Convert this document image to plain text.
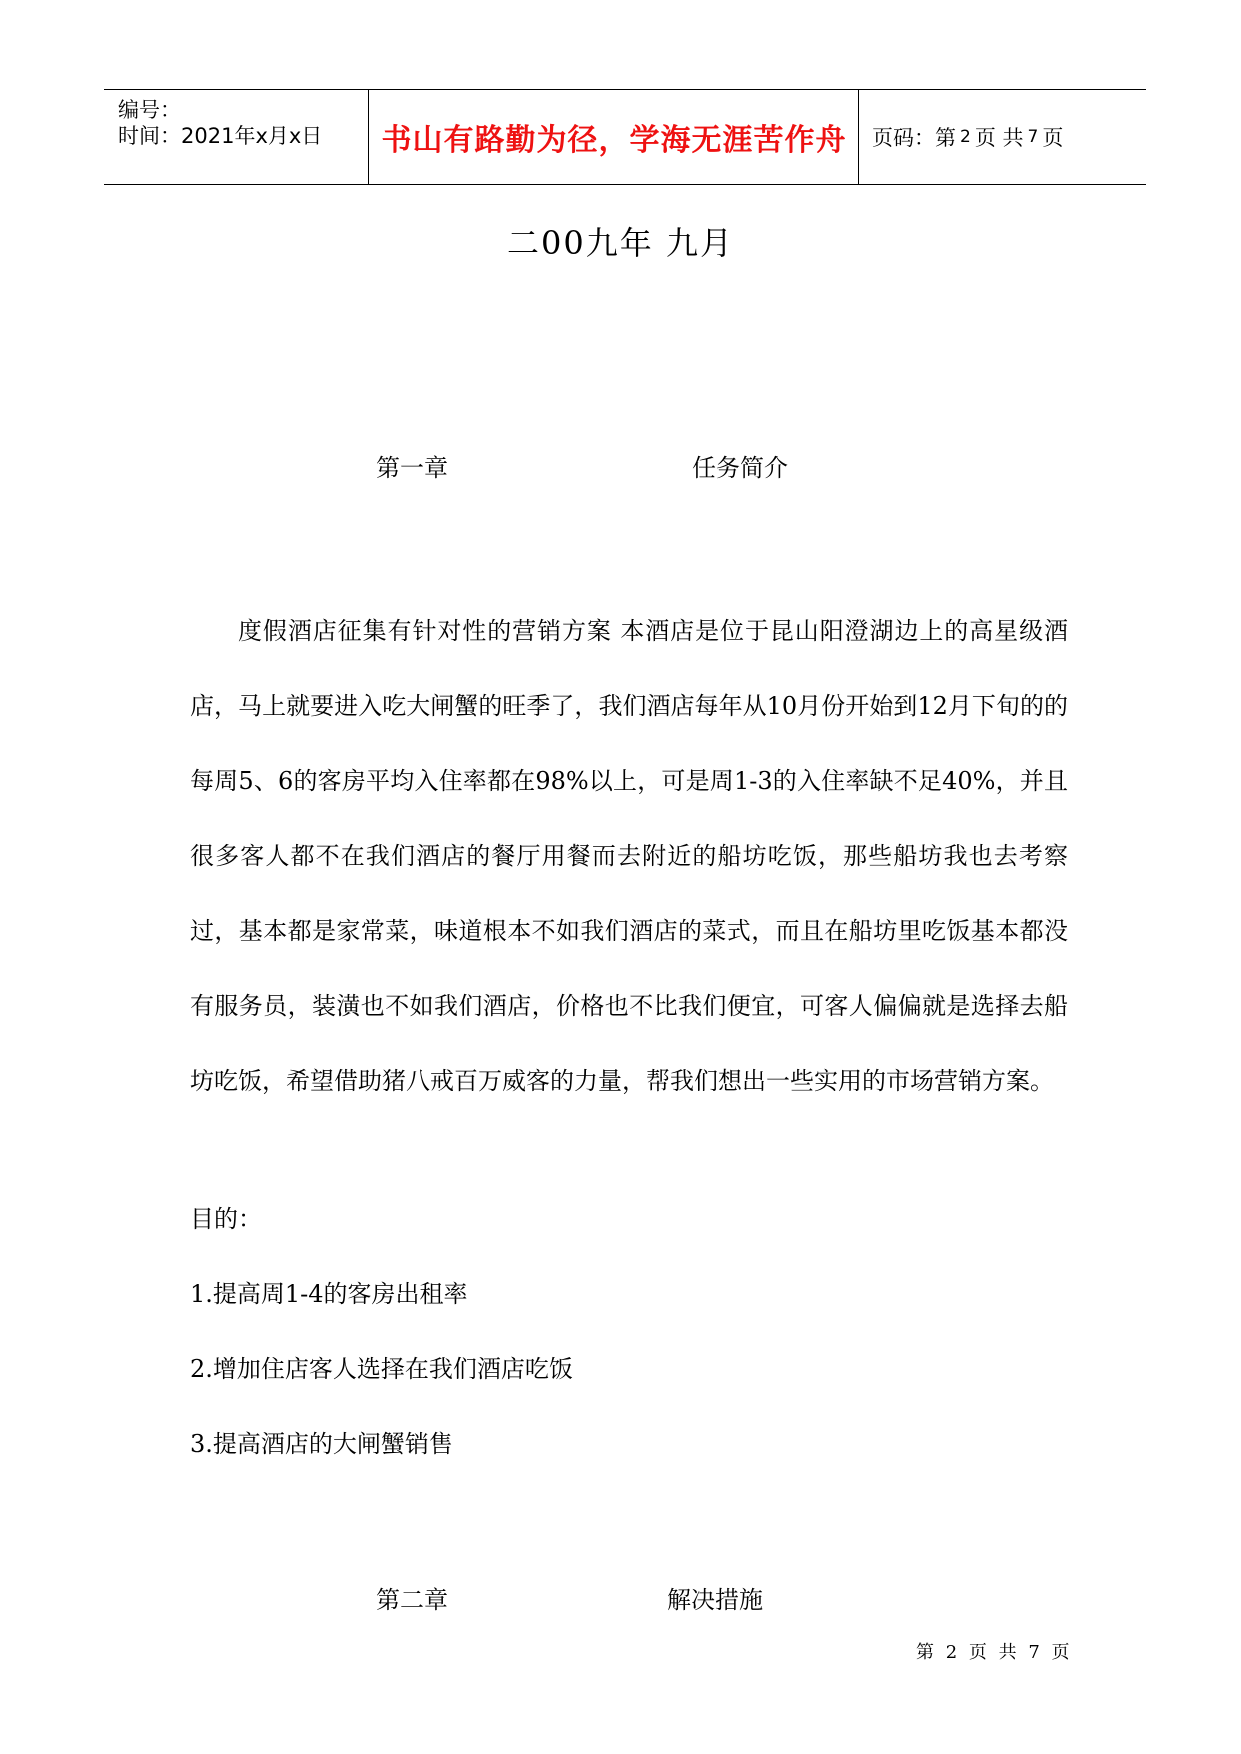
编号：
时间：2021年x月x日	书山有路勤为径，学海无涯苦作舟	页码：第 2 页 共 7 页
二00九年 九月
第一章	任务简介
度假酒店征集有针对性的营销方案 本酒店是位于昆山阳澄湖边上的高星级酒店，马上就要进入吃大闸蟹的旺季了，我们酒店每年从10月份开始到12月下旬的的每周5、6的客房平均入住率都在98%以上，可是周1-3的入住率缺不足40%，并且很多客人都不在我们酒店的餐厅用餐而去附近的船坊吃饭，那些船坊我也去考察过，基本都是家常菜，味道根本不如我们酒店的菜式，而且在船坊里吃饭基本都没有服务员，装潢也不如我们酒店，价格也不比我们便宜，可客人偏偏就是选择去船坊吃饭，希望借助猪八戒百万威客的力量，帮我们想出一些实用的市场营销方案。
目的：
1.提高周1-4的客房出租率
2.增加住店客人选择在我们酒店吃饭
3.提高酒店的大闸蟹销售
第二章	解决措施
第 2 页 共 7 页
